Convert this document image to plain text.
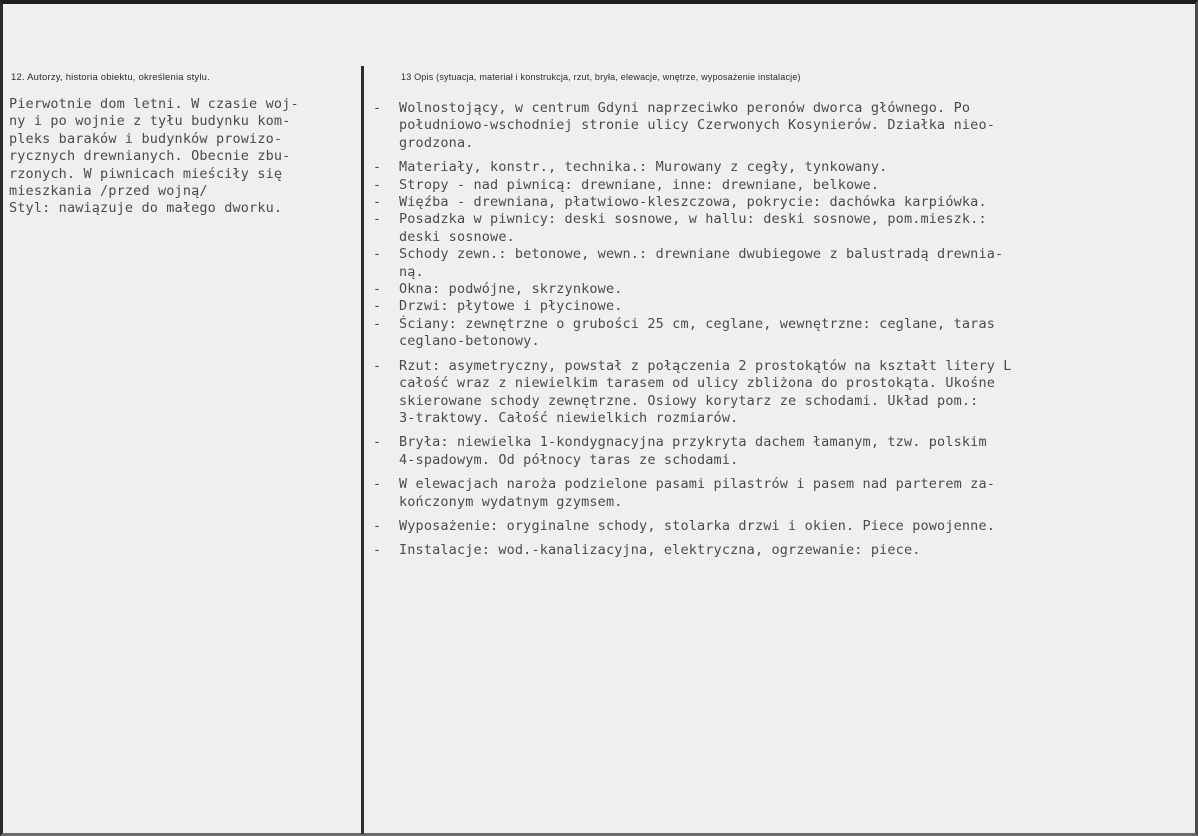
12. Autorzy, historia obiektu, określenia stylu.	13 Opis (sytuacja, materiał i konstrukcja, rzut, bryła, elewacje, wnętrze, wyposażenie instalacje)
Pierwotnie dom letni. W czasie woj-
ny i po wojnie z tyłu budynku kom-
pleks baraków i budynków prowizo-
rycznych drewnianych. Obecnie zbu-
rzonych. W piwnicach mieściły się
mieszkania /przed wojną/
Styl: nawiązuje do małego dworku.
- Wolnostojący, w centrum Gdyni naprzeciwko peronów dworca głównego. Po
południowo-wschodniej stronie ulicy Czerwonych Kosynierów. Działka nieo-
grodzona.
- Materiały, konstr., technika.: Murowany z cegły, tynkowany.
- Stropy - nad piwnicą: drewniane, inne: drewniane, belkowe.
- Więźba - drewniana, płatwiowo-kleszczowa, pokrycie: dachówka karpiówka.
- Posadzka w piwnicy: deski sosnowe, w hallu: deski sosnowe, pom.mieszk.:
deski sosnowe.
- Schody zewn.: betonowe, wewn.: drewniane dwubiegowe z balustradą drewnia-
ną.
- Okna: podwójne, skrzynkowe.
- Drzwi: płytowe i płycinowe.
- Ściany: zewnętrzne o grubości 25 cm, ceglane, wewnętrzne: ceglane, taras
ceglano-betonowy.
- Rzut: asymetryczny, powstał z połączenia 2 prostokątów na kształt litery L
całość wraz z niewielkim tarasem od ulicy zbliżona do prostokąta. Ukośne
skierowane schody zewnętrzne. Osiowy korytarz ze schodami. Układ pom.:
3-traktowy. Całość niewielkich rozmiarów.
- Bryła: niewielka 1-kondygnacyjna przykryta dachem łamanym, tzw. polskim
4-spadowym. Od północy taras ze schodami.
- W elewacjach naroża podzielone pasami pilastrów i pasem nad parterem za-
kończonym wydatnym gzymsem.
- Wyposażenie: oryginalne schody, stolarka drzwi i okien. Piece powojenne.
- Instalacje: wod.-kanalizacyjna, elektryczna, ogrzewanie: piece.
